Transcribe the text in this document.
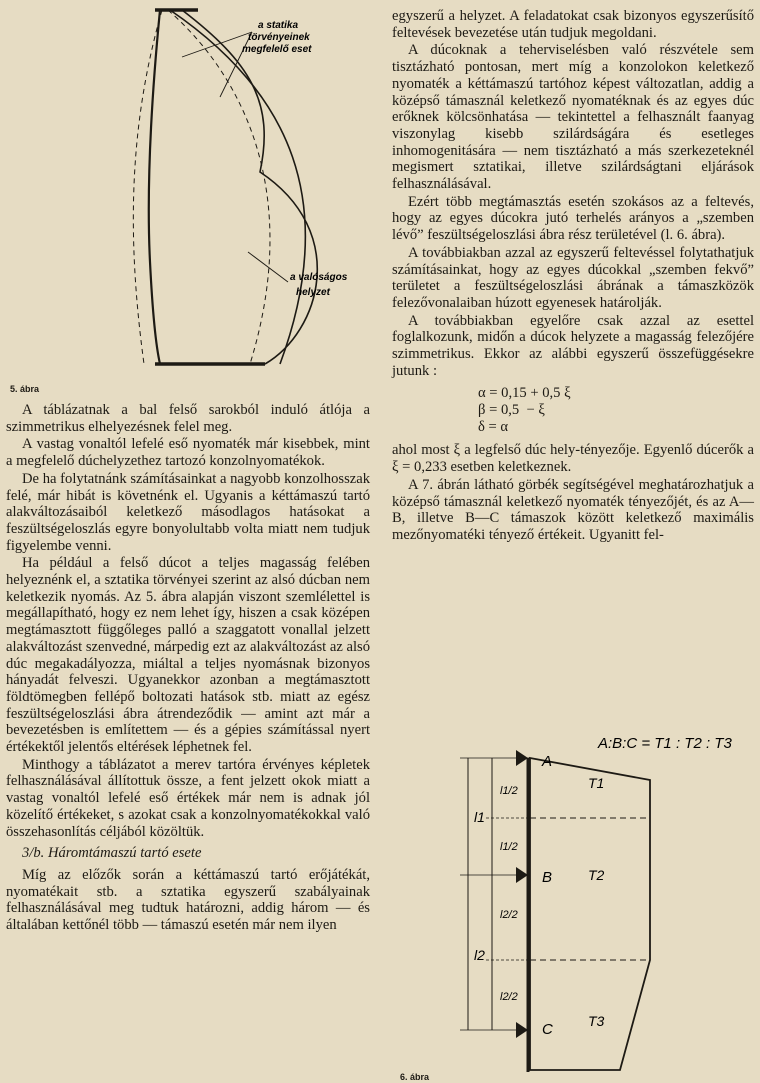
a statika törvényeinek megfelelő eset
a valóságos helyzet
5. ábra

A táblázatnak a bal felső sarokból induló átlója a szimmetrikus elhelyezésnek felel meg.

A vastag vonaltól lefelé eső nyomaték már kisebbek, mint a megfelelő dúchelyzethez tartozó konzolnyomatékok.

De ha folytatnánk számításainkat a nagyobb konzolhosszak felé, már hibát is követnénk el. Ugyanis a kéttámaszú tartó alakváltozásaiból keletkező másodlagos hatásokat a feszültségeloszlás egyre bonyolultabb volta miatt nem tudjuk figyelembe venni.

Ha például a felső dúcot a teljes magasság felében helyeznénk el, a sztatika törvényei szerint az alsó dúcban nem keletkezik nyomás. Az 5. ábra alapján viszont szemlélettel is megállapítható, hogy ez nem lehet így, hiszen a csak középen megtámasztott függőleges palló a szaggatott vonallal jelzett alakváltozást szenvedné, márpedig ezt az alakváltozást az alsó dúc megakadályozza, miáltal a teljes nyomásnak bizonyos hányadát felveszi. Ugyanekkor azonban a megtámasztott földtömegben fellépő boltozati hatások stb. miatt az egész feszültségeloszlási ábra átrendeződik — amint azt már a bevezetésben is említettem — és a gépies számítással nyert értékektől jelentős eltérések léphetnek fel.

Minthogy a táblázatot a merev tartóra érvényes képletek felhasználásával állítottuk össze, a fent jelzett okok miatt a vastag vonaltól lefelé eső értékek már nem is adnak jól közelítő értékeket, s azokat csak a konzolnyomatékokkal való összehasonlítás céljából közöltük.

3/b. Háromtámaszú tartó esete

Míg az előzők során a kéttámaszú tartó erőjátékát, nyomatékait stb. a sztatika egyszerű szabályainak felhasználásával meg tudtuk határozni, addig három — és általában kettőnél több — támaszú esetén már nem ilyen

egyszerű a helyzet. A feladatokat csak bizonyos egyszerűsítő feltevések bevezetése után tudjuk megoldani.

A dúcoknak a teherviselésben való részvétele sem tisztázható pontosan, mert míg a konzolokon keletkező nyomaték a kéttámaszú tartóhoz képest változatlan, addig a középső támasznál keletkező nyomatéknak és az egyes dúc erőknek kölcsönhatása — tekintettel a felhasznált faanyag viszonylag kisebb szilárdságára és esetleges inhomogenitására — nem tisztázható a más szerkezeteknél megismert sztatikai, illetve szilárdságtani eljárások felhasználásával.

Ezért több megtámasztás esetén szokásos az a feltevés, hogy az egyes dúcokra jutó terhelés arányos a „szemben lévő” feszültségeloszlási ábra rész területével (l. 6. ábra).

A továbbiakban azzal az egyszerű feltevéssel folytathatjuk számításainkat, hogy az egyes dúcokkal „szemben fekvő” területet a feszültségeloszlási ábrának a támaszközök felezővonalaiban húzott egyenesek határolják.

A továbbiakban egyelőre csak azzal az esettel foglalkozunk, midőn a dúcok helyzete a magasság felezőjére szimmetrikus. Ekkor az alábbi egyszerű összefüggésekre jutunk :

α = 0,15 + 0,5 ξ
β = 0,5  − ξ
δ = α

ahol most ξ a legfelső dúc hely-tényezője. Egyenlő dúcerők a ξ = 0,233 esetben keletkeznek.

A 7. ábrán látható görbék segítségével meghatározhatjuk a középső támasznál keletkező nyomaték tényezőjét, és az A—B, illetve B—C támaszok között keletkező maximális mezőnyomatéki tényező értékeit. Ugyanitt fel-

A:B:C = T1 : T2 : T3
A
B
C
T1
T2
T3
l1
l2
l1/2
l1/2
l2/2
l2/2
6. ábra
